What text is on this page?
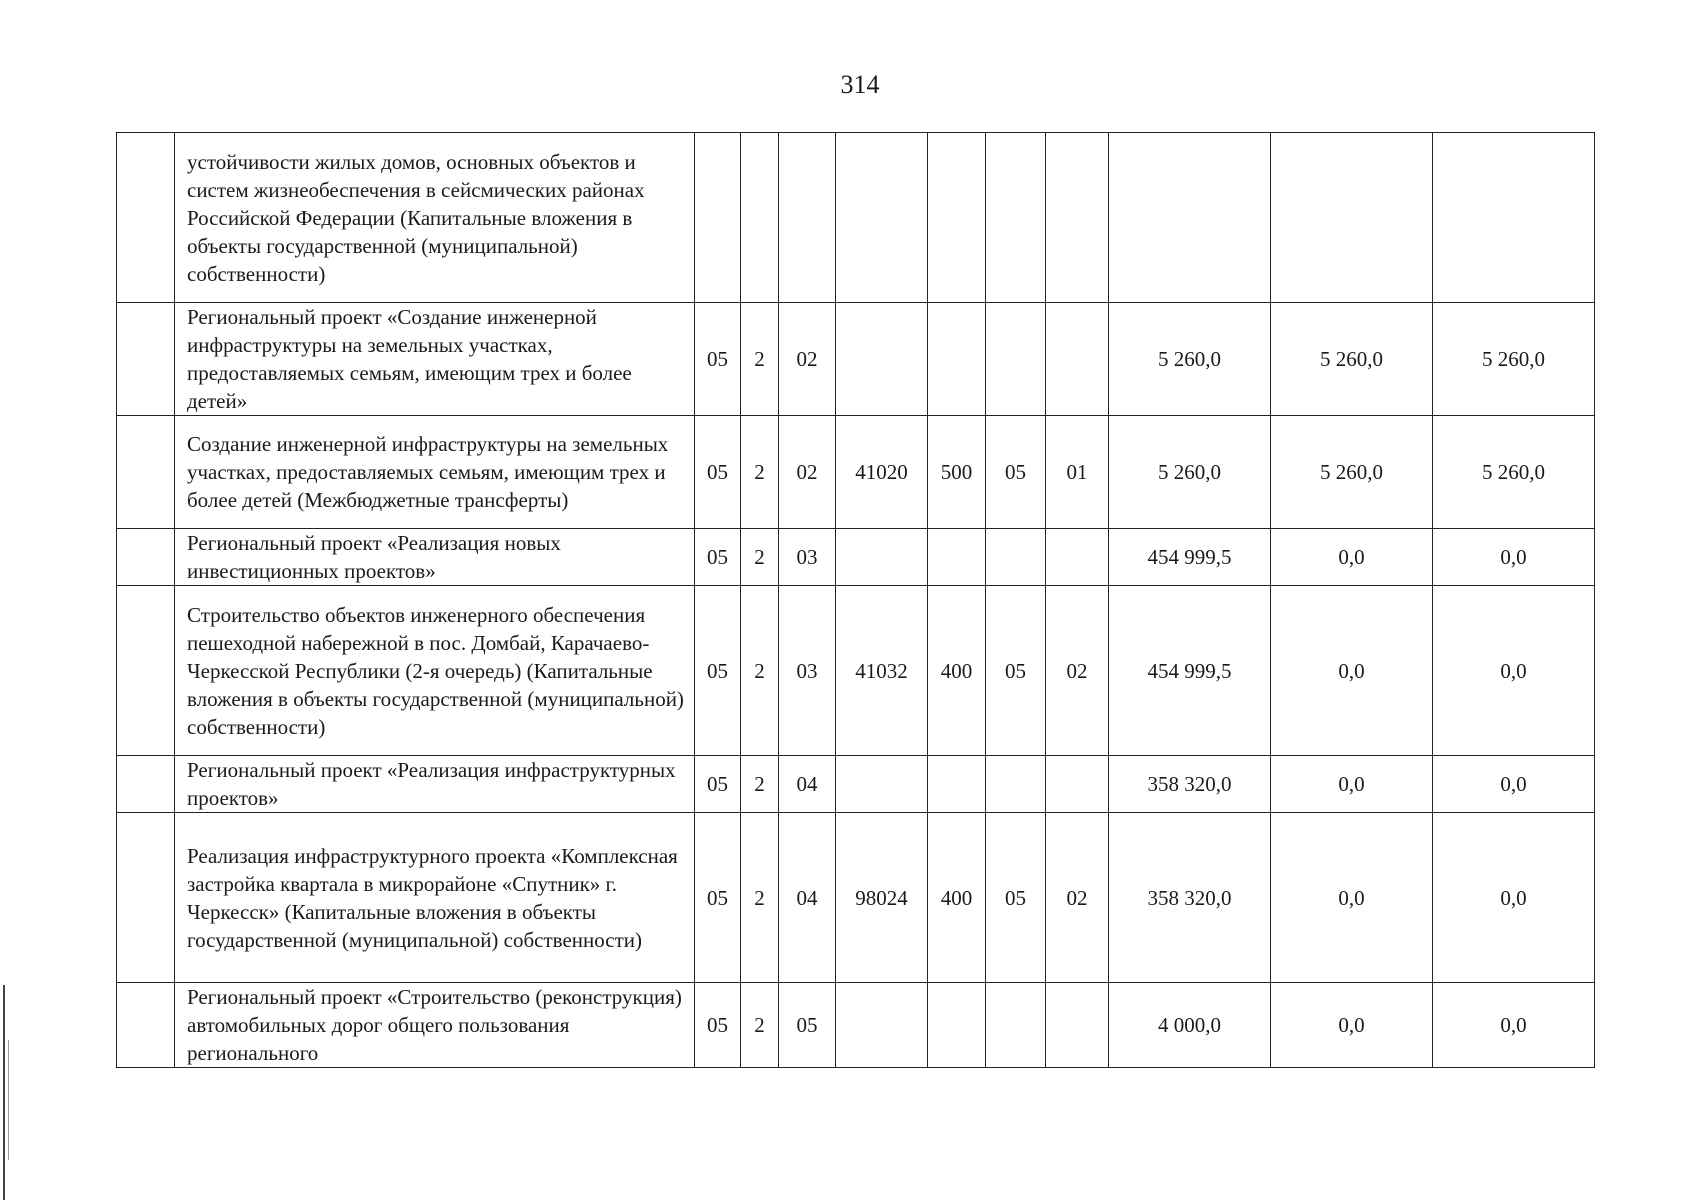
314
	устойчивости жилых домов, основных объектов и систем жизнеобеспечения в сейсмических районах Российской Федерации (Капитальные вложения в объекты государственной (муниципальной) собственности)										
	Региональный проект «Создание инженерной инфраструктуры на земельных участках, предоставляемых семьям, имеющим трех и более детей»	05	2	02					5 260,0	5 260,0	5 260,0
	Создание инженерной инфраструктуры на земельных участках, предоставляемых семьям, имеющим трех и более детей (Межбюджетные трансферты)	05	2	02	41020	500	05	01	5 260,0	5 260,0	5 260,0
	Региональный проект «Реализация новых инвестиционных проектов»	05	2	03					454 999,5	0,0	0,0
	Строительство объектов инженерного обеспечения пешеходной набережной в пос. Домбай, Карачаево-Черкесской Республики (2-я очередь) (Капитальные вложения в объекты государственной (муниципальной) собственности)	05	2	03	41032	400	05	02	454 999,5	0,0	0,0
	Региональный проект «Реализация инфраструктурных проектов»	05	2	04					358 320,0	0,0	0,0
	Реализация инфраструктурного проекта «Комплексная застройка квартала в микрорайоне «Спутник» г. Черкесск» (Капитальные вложения в объекты государственной (муниципальной) собственности)	05	2	04	98024	400	05	02	358 320,0	0,0	0,0
	Региональный проект «Строительство (реконструкция) автомобильных дорог общего пользования регионального	05	2	05					4 000,0	0,0	0,0
